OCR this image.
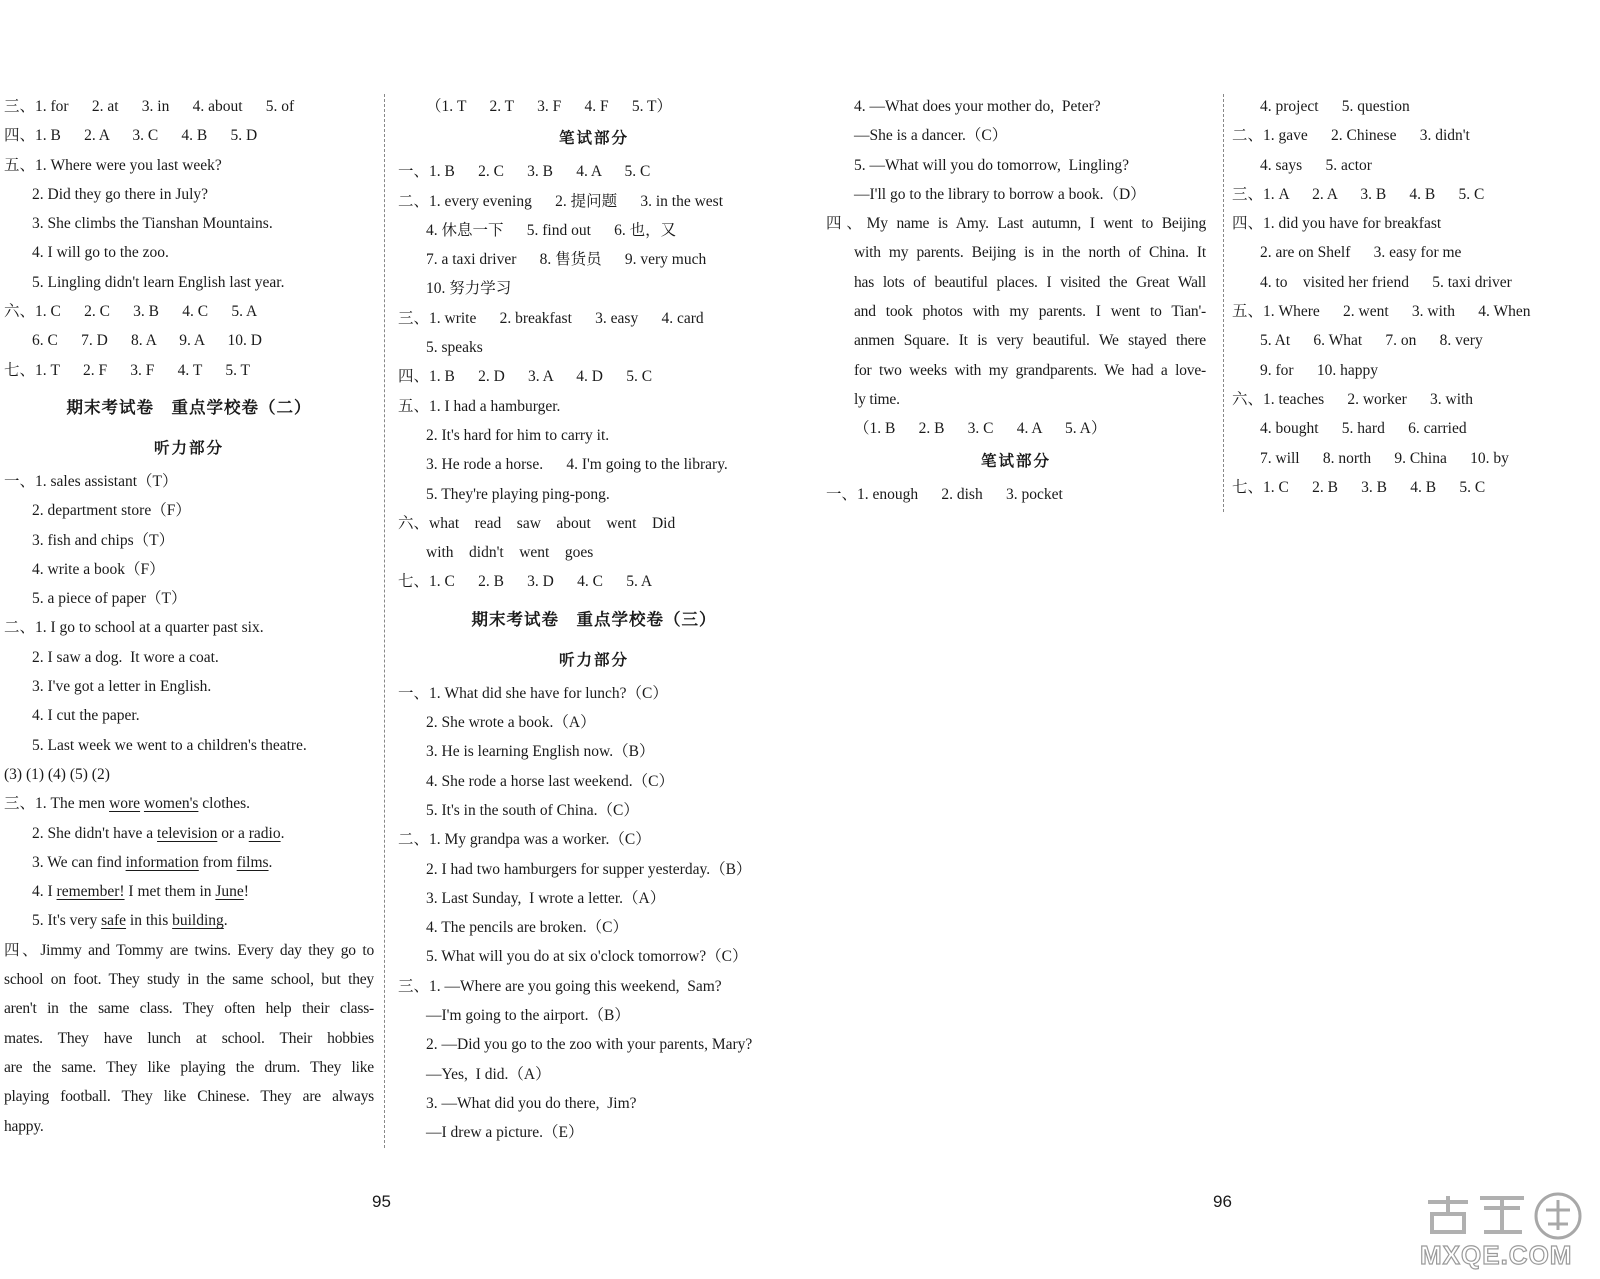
三、1. for      2. at      3. in      4. about      5. of
四、1. B      2. A      3. C      4. B      5. D
五、1. Where were you last week?
2. Did they go there in July?
3. She climbs the Tianshan Mountains.
4. I will go to the zoo.
5. Lingling didn't learn English last year.
六、1. C      2. C      3. B      4. C      5. A
6. C      7. D      8. A      9. A      10. D
七、1. T      2. F      3. F      4. T      5. T
期末考试卷　重点学校卷（二）
听力部分
一、1. sales assistant（T）
2. department store（F）
3. fish and chips（T）
4. write a book（F）
5. a piece of paper（T）
二、1. I go to school at a quarter past six.
2. I saw a dog.  It wore a coat.
3. I've got a letter in English.
4. I cut the paper.
5. Last week we went to a children's theatre.
(3) (1) (4) (5) (2)
三、1. The men wore women's clothes.
2. She didn't have a television or a radio.
3. We can find information from films.
4. I remember! I met them in June!
5. It's very safe in this building.
四、Jimmy and Tommy are twins. Every day they go to
school on foot. They study in the same school, but they
aren't in the same class. They often help their class-
mates. They have lunch at school. Their hobbies
are the same. They like playing the drum. They like
playing football. They like Chinese. They are always
happy.
（1. T      2. T      3. F      4. F      5. T）
笔试部分
一、1. B      2. C      3. B      4. A      5. C
二、1. every evening      2. 提问题      3. in the west
4. 休息一下      5. find out      6. 也，又
7. a taxi driver      8. 售货员      9. very much
10. 努力学习
三、1. write      2. breakfast      3. easy      4. card
5. speaks
四、1. B      2. D      3. A      4. D      5. C
五、1. I had a hamburger.
2. It's hard for him to carry it.
3. He rode a horse.      4. I'm going to the library.
5. They're playing ping-pong.
六、what    read    saw    about    went    Did
with    didn't    went    goes
七、1. C      2. B      3. D      4. C      5. A
期末考试卷　重点学校卷（三）
听力部分
一、1. What did she have for lunch?（C）
2. She wrote a book.（A）
3. He is learning English now.（B）
4. She rode a horse last weekend.（C）
5. It's in the south of China.（C）
二、1. My grandpa was a worker.（C）
2. I had two hamburgers for supper yesterday.（B）
3. Last Sunday,  I wrote a letter.（A）
4. The pencils are broken.（C）
5. What will you do at six o'clock tomorrow?（C）
三、1. —Where are you going this weekend,  Sam?
—I'm going to the airport.（B）
2. —Did you go to the zoo with your parents, Mary?
—Yes,  I did.（A）
3. —What did you do there,  Jim?
—I drew a picture.（E）
4. —What does your mother do,  Peter?
—She is a dancer.（C）
5. —What will you do tomorrow,  Lingling?
—I'll go to the library to borrow a book.（D）
四、My name is Amy. Last autumn, I went to Beijing
with my parents. Beijing is in the north of China. It
has lots of beautiful places. I visited the Great Wall
and took photos with my parents. I went to Tian'-
anmen Square. It is very beautiful. We stayed there
for two weeks with my grandparents. We had a love-
ly time.
（1. B      2. B      3. C      4. A      5. A）
笔试部分
一、1. enough      2. dish      3. pocket
4. project      5. question
二、1. gave      2. Chinese      3. didn't
4. says      5. actor
三、1. A      2. A      3. B      4. B      5. C
四、1. did you have for breakfast
2. are on Shelf      3. easy for me
4. to    visited her friend      5. taxi driver
五、1. Where      2. went      3. with      4. When
5. At      6. What      7. on      8. very
9. for      10. happy
六、1. teaches      2. worker      3. with
4. bought      5. hard      6. carried
7. will      8. north      9. China      10. by
七、1. C      2. B      3. B      4. B      5. C
95	96
MXQE.COM
